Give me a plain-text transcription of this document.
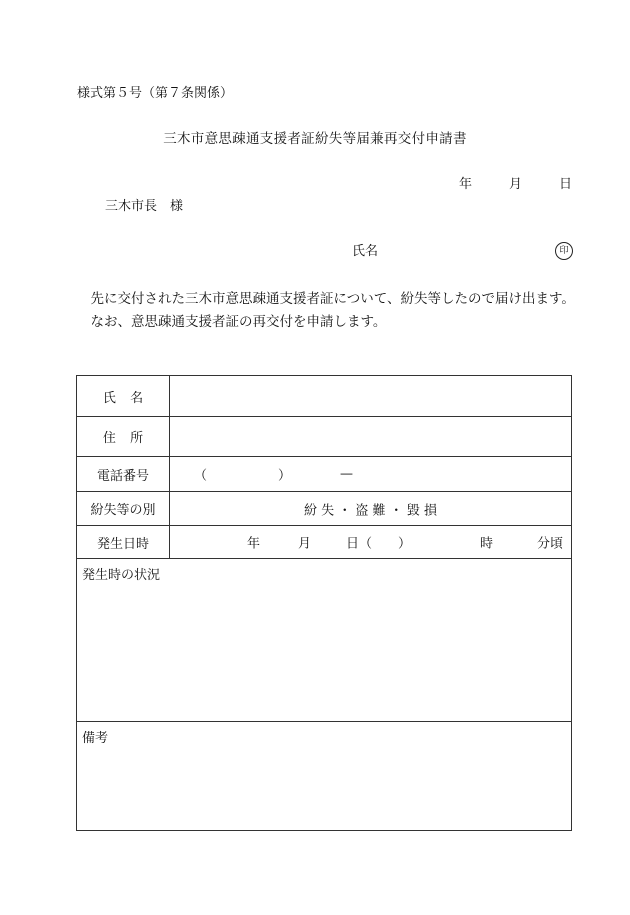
様式第５号（第７条関係）
三木市意思疎通支援者証紛失等届兼再交付申請書
年	月	日
三木市長　様
氏名	印

先に交付された三木市意思疎通支援者証について、紛失等したので届け出ます。

なお、意思疎通支援者証の再交付を申請します。

氏名
住所
電話番号	（	）	—
紛失等の別	紛 失 ・ 盗 難 ・ 毀 損
発生日時	年	月	日（　　）	時	分頃
発生時の状況
備考
